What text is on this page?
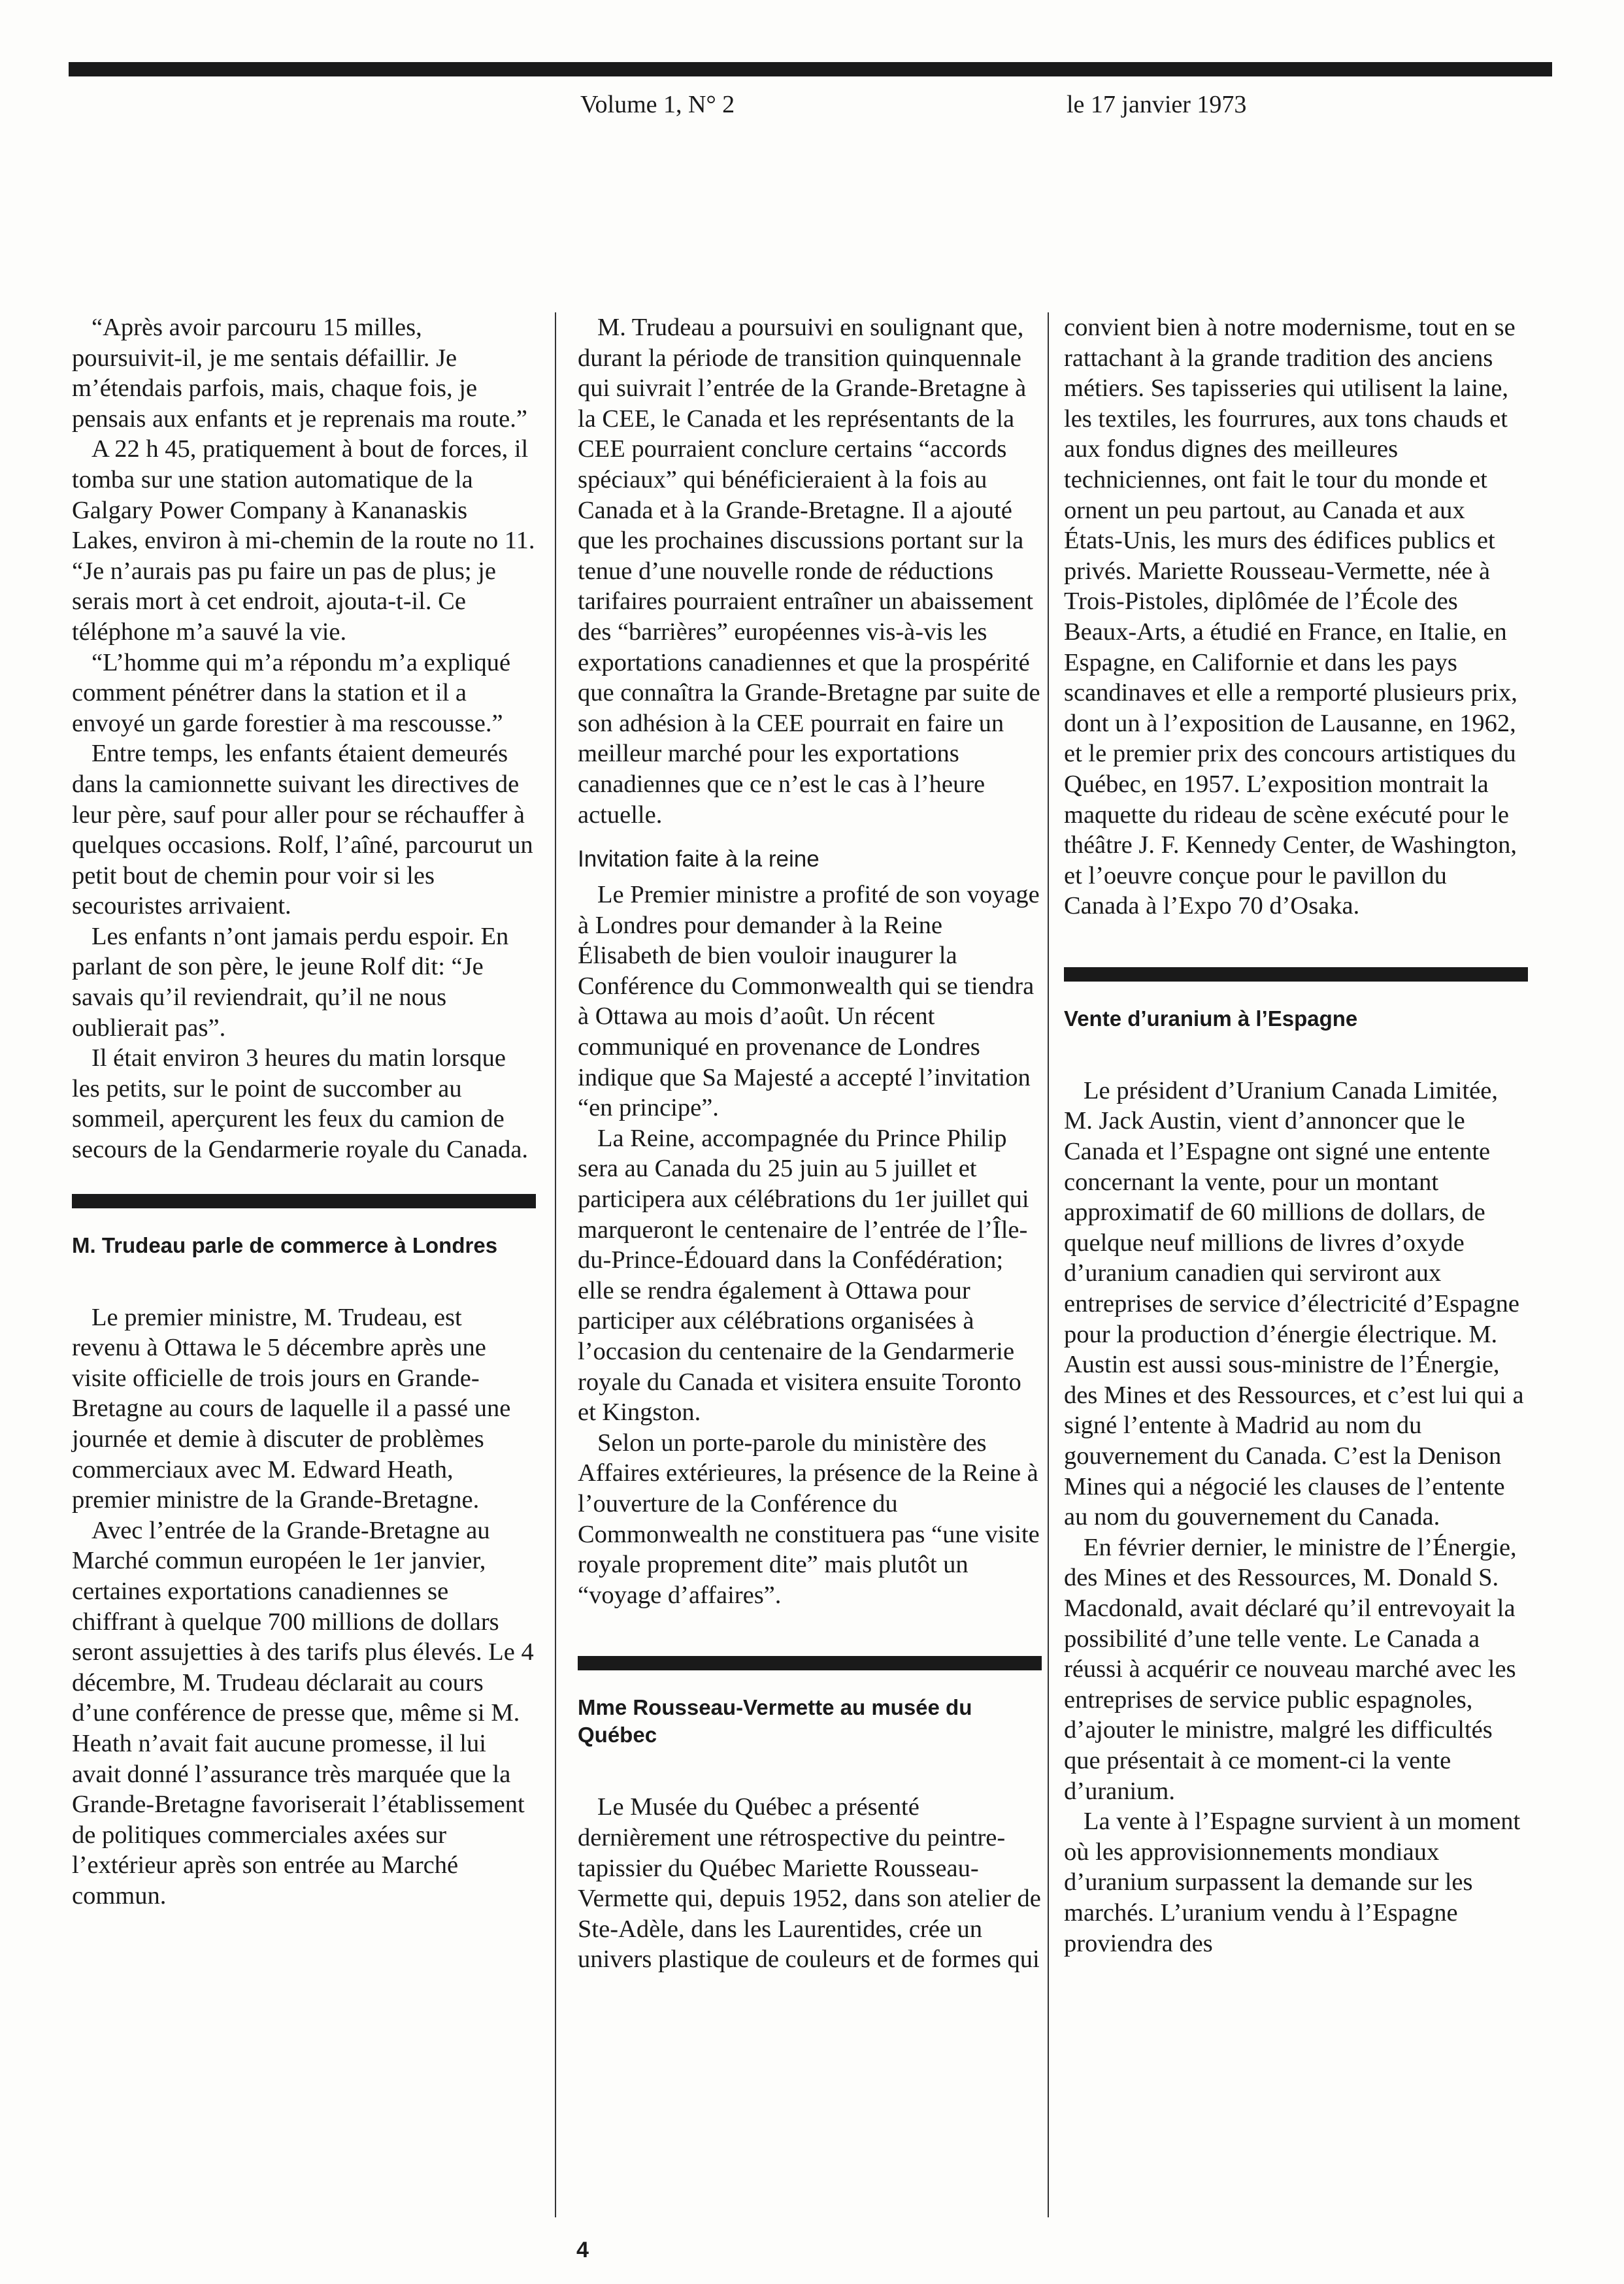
Volume 1, N° 2	le 17 janvier 1973

“Après avoir parcouru 15 milles, poursuivit-il, je me sentais défaillir. Je m’étendais parfois, mais, chaque fois, je pensais aux enfants et je reprenais ma route.”

A 22 h 45, pratiquement à bout de forces, il tomba sur une station automatique de la Galgary Power Company à Kananaskis Lakes, environ à mi-chemin de la route no 11. “Je n’aurais pas pu faire un pas de plus; je serais mort à cet endroit, ajouta-t-il. Ce téléphone m’a sauvé la vie.

“L’homme qui m’a répondu m’a expliqué comment pénétrer dans la station et il a envoyé un garde forestier à ma rescousse.”

Entre temps, les enfants étaient demeurés dans la camionnette suivant les directives de leur père, sauf pour aller pour se réchauffer à quelques occasions. Rolf, l’aîné, parcourut un petit bout de chemin pour voir si les secouristes arrivaient.

Les enfants n’ont jamais perdu espoir. En parlant de son père, le jeune Rolf dit: “Je savais qu’il reviendrait, qu’il ne nous oublierait pas”.

Il était environ 3 heures du matin lorsque les petits, sur le point de succomber au sommeil, aperçurent les feux du camion de secours de la Gendarmerie royale du Canada.

M. Trudeau parle de commerce à Londres

Le premier ministre, M. Trudeau, est revenu à Ottawa le 5 décembre après une visite officielle de trois jours en Grande-Bretagne au cours de laquelle il a passé une journée et demie à discuter de problèmes commerciaux avec M. Edward Heath, premier ministre de la Grande-Bretagne.

Avec l’entrée de la Grande-Bretagne au Marché commun européen le 1er janvier, certaines exportations canadiennes se chiffrant à quelque 700 millions de dollars seront assujetties à des tarifs plus élevés. Le 4 décembre, M. Trudeau déclarait au cours d’une conférence de presse que, même si M. Heath n’avait fait aucune promesse, il lui avait donné l’assurance très marquée que la Grande-Bretagne favoriserait l’établissement de politiques commerciales axées sur l’extérieur après son entrée au Marché commun.

M. Trudeau a poursuivi en soulignant que, durant la période de transition quinquennale qui suivrait l’entrée de la Grande-Bretagne à la CEE, le Canada et les représentants de la CEE pourraient conclure certains “accords spéciaux” qui bénéficieraient à la fois au Canada et à la Grande-Bretagne. Il a ajouté que les prochaines discussions portant sur la tenue d’une nouvelle ronde de réductions tarifaires pourraient entraîner un abaissement des “barrières” européennes vis-à-vis les exportations canadiennes et que la prospérité que connaîtra la Grande-Bretagne par suite de son adhésion à la CEE pourrait en faire un meilleur marché pour les exportations canadiennes que ce n’est le cas à l’heure actuelle.

Invitation faite à la reine

Le Premier ministre a profité de son voyage à Londres pour demander à la Reine Élisabeth de bien vouloir inaugurer la Conférence du Commonwealth qui se tiendra à Ottawa au mois d’août. Un récent communiqué en provenance de Londres indique que Sa Majesté a accepté l’invitation “en principe”.

La Reine, accompagnée du Prince Philip sera au Canada du 25 juin au 5 juillet et participera aux célébrations du 1er juillet qui marqueront le centenaire de l’entrée de l’Île-du-Prince-Édouard dans la Confédération; elle se rendra également à Ottawa pour participer aux célébrations organisées à l’occasion du centenaire de la Gendarmerie royale du Canada et visitera ensuite Toronto et Kingston.

Selon un porte-parole du ministère des Affaires extérieures, la présence de la Reine à l’ouverture de la Conférence du Commonwealth ne constituera pas “une visite royale proprement dite” mais plutôt un “voyage d’affaires”.

Mme Rousseau-Vermette au musée du Québec

Le Musée du Québec a présenté dernièrement une rétrospective du peintre-tapissier du Québec Mariette Rousseau-Vermette qui, depuis 1952, dans son atelier de Ste-Adèle, dans les Laurentides, crée un univers plastique de couleurs et de formes qui

convient bien à notre modernisme, tout en se rattachant à la grande tradition des anciens métiers. Ses tapisseries qui utilisent la laine, les textiles, les fourrures, aux tons chauds et aux fondus dignes des meilleures techniciennes, ont fait le tour du monde et ornent un peu partout, au Canada et aux États-Unis, les murs des édifices publics et privés. Mariette Rousseau-Vermette, née à Trois-Pistoles, diplômée de l’École des Beaux-Arts, a étudié en France, en Italie, en Espagne, en Californie et dans les pays scandinaves et elle a remporté plusieurs prix, dont un à l’exposition de Lausanne, en 1962, et le premier prix des concours artistiques du Québec, en 1957. L’exposition montrait la maquette du rideau de scène exécuté pour le théâtre J. F. Kennedy Center, de Washington, et l’oeuvre conçue pour le pavillon du Canada à l’Expo 70 d’Osaka.

Vente d’uranium à l’Espagne

Le président d’Uranium Canada Limitée, M. Jack Austin, vient d’annoncer que le Canada et l’Espagne ont signé une entente concernant la vente, pour un montant approximatif de 60 millions de dollars, de quelque neuf millions de livres d’oxyde d’uranium canadien qui serviront aux entreprises de service d’électricité d’Espagne pour la production d’énergie électrique. M. Austin est aussi sous-ministre de l’Énergie, des Mines et des Ressources, et c’est lui qui a signé l’entente à Madrid au nom du gouvernement du Canada. C’est la Denison Mines qui a négocié les clauses de l’entente au nom du gouvernement du Canada.

En février dernier, le ministre de l’Énergie, des Mines et des Ressources, M. Donald S. Macdonald, avait déclaré qu’il entrevoyait la possibilité d’une telle vente. Le Canada a réussi à acquérir ce nouveau marché avec les entreprises de service public espagnoles, d’ajouter le ministre, malgré les difficultés que présentait à ce moment-ci la vente d’uranium.

La vente à l’Espagne survient à un moment où les approvisionnements mondiaux d’uranium surpassent la demande sur les marchés. L’uranium vendu à l’Espagne proviendra des

4
